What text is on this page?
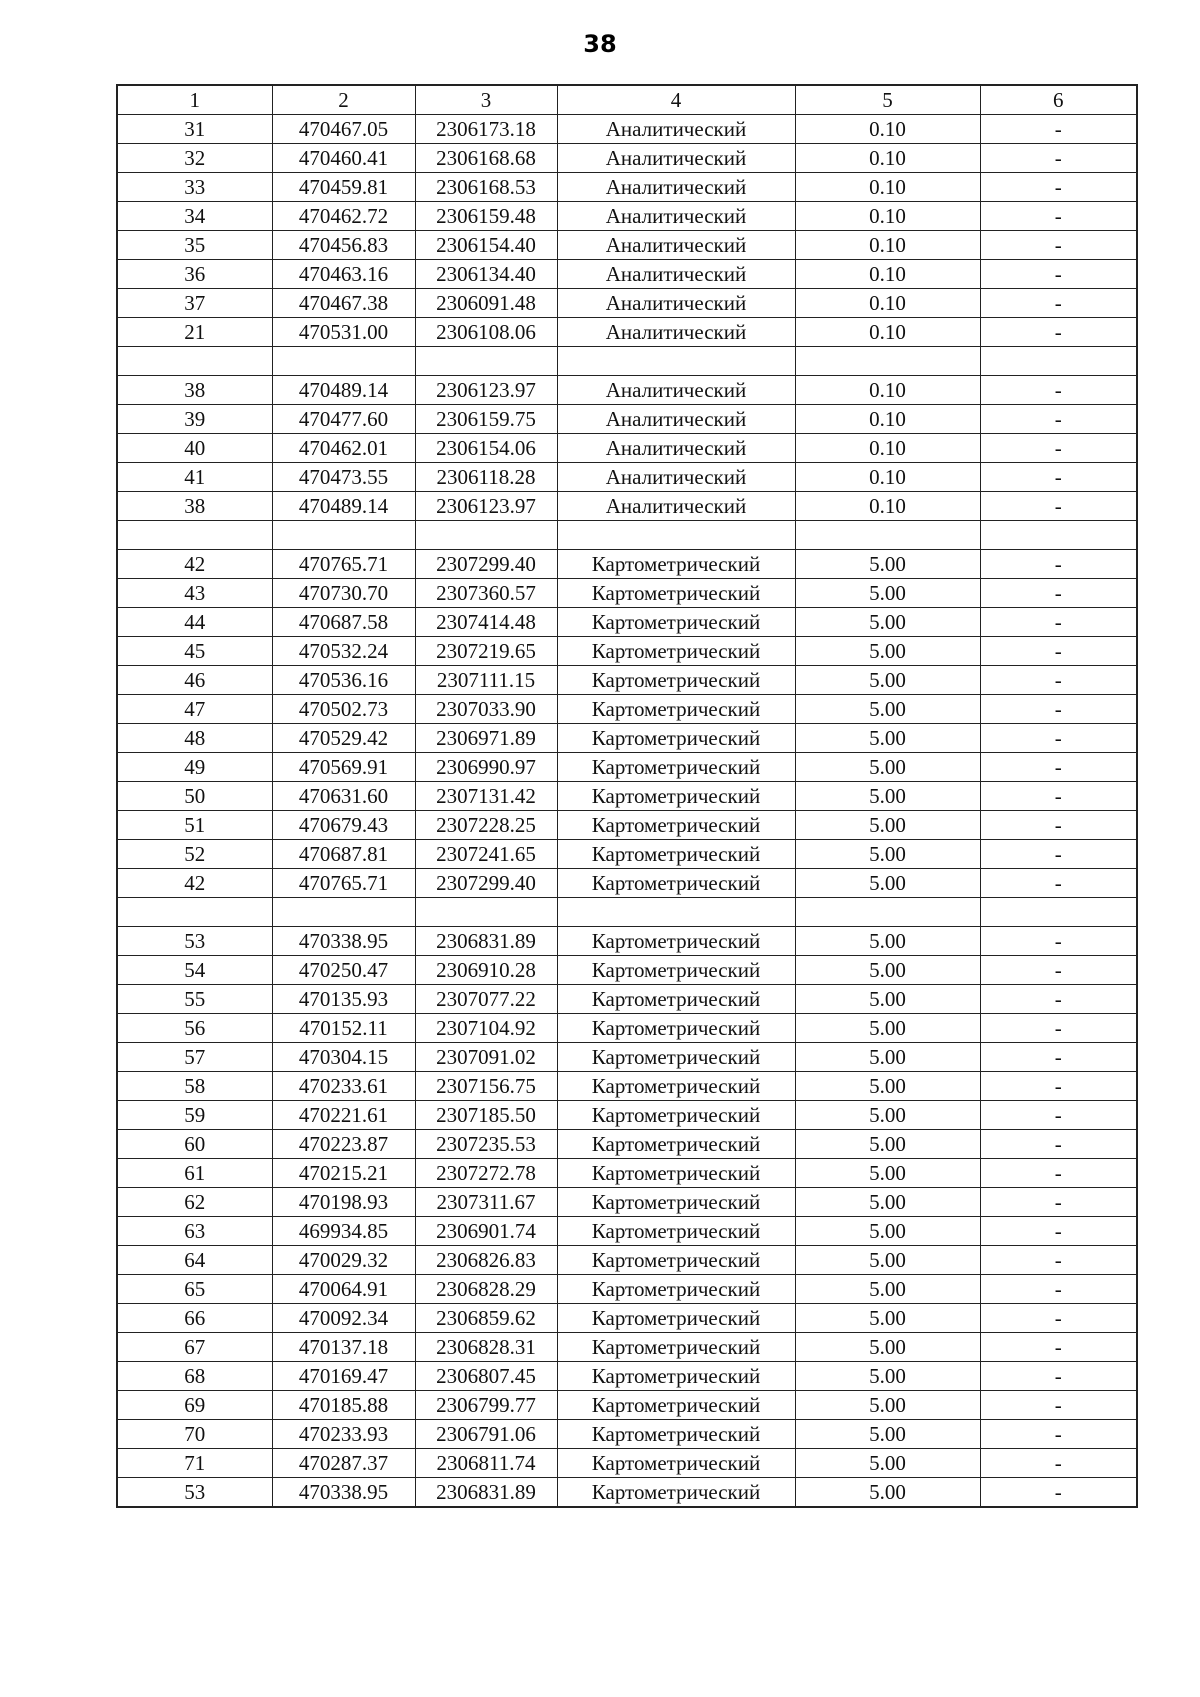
38
1	2	3	4	5	6
31	470467.05	2306173.18	Аналитический	0.10	-
32	470460.41	2306168.68	Аналитический	0.10	-
33	470459.81	2306168.53	Аналитический	0.10	-
34	470462.72	2306159.48	Аналитический	0.10	-
35	470456.83	2306154.40	Аналитический	0.10	-
36	470463.16	2306134.40	Аналитический	0.10	-
37	470467.38	2306091.48	Аналитический	0.10	-
21	470531.00	2306108.06	Аналитический	0.10	-

38	470489.14	2306123.97	Аналитический	0.10	-
39	470477.60	2306159.75	Аналитический	0.10	-
40	470462.01	2306154.06	Аналитический	0.10	-
41	470473.55	2306118.28	Аналитический	0.10	-
38	470489.14	2306123.97	Аналитический	0.10	-

42	470765.71	2307299.40	Картометрический	5.00	-
43	470730.70	2307360.57	Картометрический	5.00	-
44	470687.58	2307414.48	Картометрический	5.00	-
45	470532.24	2307219.65	Картометрический	5.00	-
46	470536.16	2307111.15	Картометрический	5.00	-
47	470502.73	2307033.90	Картометрический	5.00	-
48	470529.42	2306971.89	Картометрический	5.00	-
49	470569.91	2306990.97	Картометрический	5.00	-
50	470631.60	2307131.42	Картометрический	5.00	-
51	470679.43	2307228.25	Картометрический	5.00	-
52	470687.81	2307241.65	Картометрический	5.00	-
42	470765.71	2307299.40	Картометрический	5.00	-

53	470338.95	2306831.89	Картометрический	5.00	-
54	470250.47	2306910.28	Картометрический	5.00	-
55	470135.93	2307077.22	Картометрический	5.00	-
56	470152.11	2307104.92	Картометрический	5.00	-
57	470304.15	2307091.02	Картометрический	5.00	-
58	470233.61	2307156.75	Картометрический	5.00	-
59	470221.61	2307185.50	Картометрический	5.00	-
60	470223.87	2307235.53	Картометрический	5.00	-
61	470215.21	2307272.78	Картометрический	5.00	-
62	470198.93	2307311.67	Картометрический	5.00	-
63	469934.85	2306901.74	Картометрический	5.00	-
64	470029.32	2306826.83	Картометрический	5.00	-
65	470064.91	2306828.29	Картометрический	5.00	-
66	470092.34	2306859.62	Картометрический	5.00	-
67	470137.18	2306828.31	Картометрический	5.00	-
68	470169.47	2306807.45	Картометрический	5.00	-
69	470185.88	2306799.77	Картометрический	5.00	-
70	470233.93	2306791.06	Картометрический	5.00	-
71	470287.37	2306811.74	Картометрический	5.00	-
53	470338.95	2306831.89	Картометрический	5.00	-
